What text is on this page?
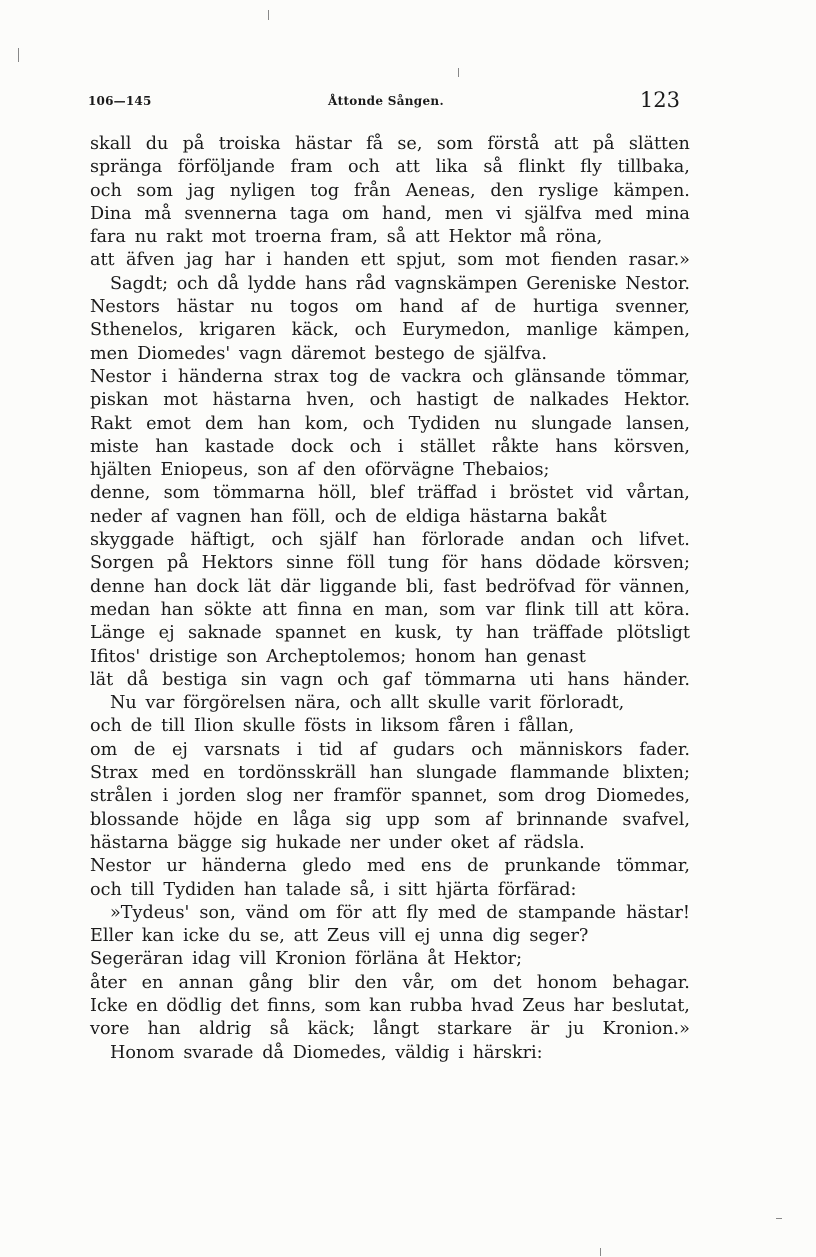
106—145	Åttonde Sången.	123
skall du på troiska hästar få se, som förstå att på slätten
spränga förföljande fram och att lika så flinkt fly tillbaka,
och som jag nyligen tog från Aeneas, den ryslige kämpen.
Dina må svennerna taga om hand, men vi själfva med mina
fara nu rakt mot troerna fram, så att Hektor må röna,
att äfven jag har i handen ett spjut, som mot fienden rasar.»
Sagdt; och då lydde hans råd vagnskämpen Gereniske Nestor.
Nestors hästar nu togos om hand af de hurtiga svenner,
Sthenelos, krigaren käck, och Eurymedon, manlige kämpen,
men Diomedes' vagn däremot bestego de själfva.
Nestor i händerna strax tog de vackra och glänsande tömmar,
piskan mot hästarna hven, och hastigt de nalkades Hektor.
Rakt emot dem han kom, och Tydiden nu slungade lansen,
miste han kastade dock och i stället råkte hans körsven,
hjälten Eniopeus, son af den oförvägne Thebaios;
denne, som tömmarna höll, blef träffad i bröstet vid vårtan,
neder af vagnen han föll, och de eldiga hästarna bakåt
skyggade häftigt, och själf han förlorade andan och lifvet.
Sorgen på Hektors sinne föll tung för hans dödade körsven;
denne han dock lät där liggande bli, fast bedröfvad för vännen,
medan han sökte att finna en man, som var flink till att köra.
Länge ej saknade spannet en kusk, ty han träffade plötsligt
Ifitos' dristige son Archeptolemos; honom han genast
lät då bestiga sin vagn och gaf tömmarna uti hans händer.
Nu var förgörelsen nära, och allt skulle varit förloradt,
och de till Ilion skulle fösts in liksom fåren i fållan,
om de ej varsnats i tid af gudars och människors fader.
Strax med en tordönsskräll han slungade flammande blixten;
strålen i jorden slog ner framför spannet, som drog Diomedes,
blossande höjde en låga sig upp som af brinnande svafvel,
hästarna bägge sig hukade ner under oket af rädsla.
Nestor ur händerna gledo med ens de prunkande tömmar,
och till Tydiden han talade så, i sitt hjärta förfärad:
»Tydeus' son, vänd om för att fly med de stampande hästar!
Eller kan icke du se, att Zeus vill ej unna dig seger?
Segeräran idag vill Kronion förläna åt Hektor;
åter en annan gång blir den vår, om det honom behagar.
Icke en dödlig det finns, som kan rubba hvad Zeus har beslutat,
vore han aldrig så käck; långt starkare är ju Kronion.»
Honom svarade då Diomedes, väldig i härskri:
